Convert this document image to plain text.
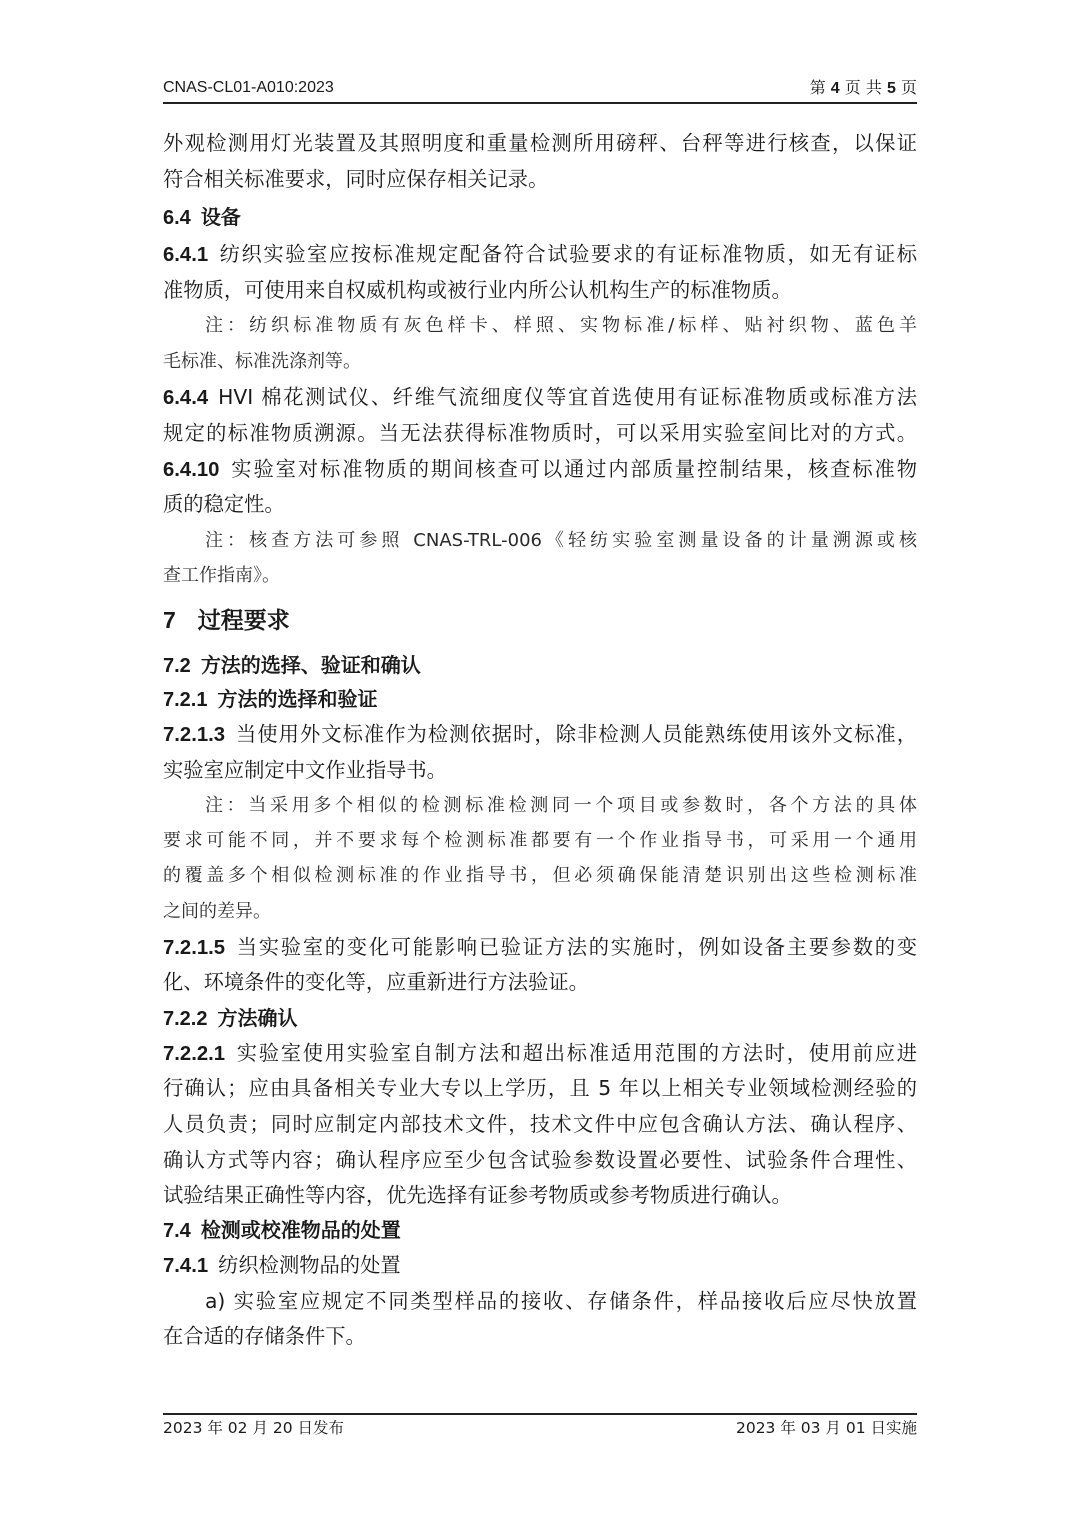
CNAS-CL01-A010:2023	第 4 页 共 5 页
外观检测用灯光装置及其照明度和重量检测所用磅秤、台秤等进行核查，以保证
符合相关标准要求，同时应保存相关记录。
6.4 设备
6.4.1 纺织实验室应按标准规定配备符合试验要求的有证标准物质，如无有证标
准物质，可使用来自权威机构或被行业内所公认机构生产的标准物质。
注：纺织标准物质有灰色样卡、样照、实物标准/标样、贴衬织物、蓝色羊
毛标准、标准洗涤剂等。
6.4.4 HVI 棉花测试仪、纤维气流细度仪等宜首选使用有证标准物质或标准方法
规定的标准物质溯源。当无法获得标准物质时，可以采用实验室间比对的方式。
6.4.10 实验室对标准物质的期间核查可以通过内部质量控制结果，核查标准物
质的稳定性。
注：核查方法可参照 CNAS-TRL-006《轻纺实验室测量设备的计量溯源或核
查工作指南》。
7 过程要求
7.2 方法的选择、验证和确认
7.2.1 方法的选择和验证
7.2.1.3 当使用外文标准作为检测依据时，除非检测人员能熟练使用该外文标准，
实验室应制定中文作业指导书。
注：当采用多个相似的检测标准检测同一个项目或参数时，各个方法的具体
要求可能不同，并不要求每个检测标准都要有一个作业指导书，可采用一个通用
的覆盖多个相似检测标准的作业指导书，但必须确保能清楚识别出这些检测标准
之间的差异。
7.2.1.5 当实验室的变化可能影响已验证方法的实施时，例如设备主要参数的变
化、环境条件的变化等，应重新进行方法验证。
7.2.2 方法确认
7.2.2.1 实验室使用实验室自制方法和超出标准适用范围的方法时，使用前应进
行确认；应由具备相关专业大专以上学历，且 5 年以上相关专业领域检测经验的
人员负责；同时应制定内部技术文件，技术文件中应包含确认方法、确认程序、
确认方式等内容；确认程序应至少包含试验参数设置必要性、试验条件合理性、
试验结果正确性等内容，优先选择有证参考物质或参考物质进行确认。
7.4 检测或校准物品的处置
7.4.1 纺织检测物品的处置
a) 实验室应规定不同类型样品的接收、存储条件，样品接收后应尽快放置
在合适的存储条件下。
2023 年 02 月 20 日发布	2023 年 03 月 01 日实施
